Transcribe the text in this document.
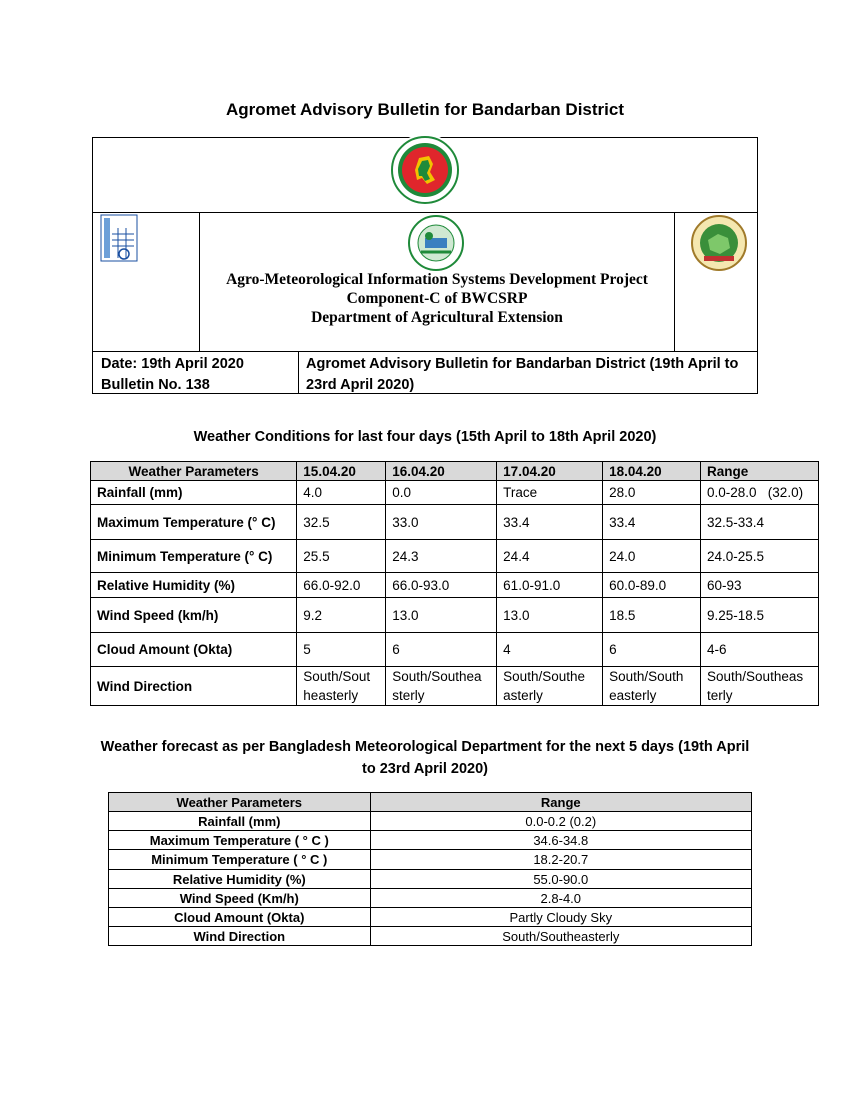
Agromet Advisory Bulletin for Bandarban District
Agro-Meteorological Information Systems Development Project
Component-C of BWCSRP
Department of Agricultural Extension
Date: 19th April 2020
Bulletin No. 138
Agromet Advisory Bulletin for Bandarban District (19th April to 23rd April 2020)
Weather Conditions for last four days (15th April to 18th April 2020)
Weather Parameters	15.04.20	16.04.20	17.04.20	18.04.20	Range
Rainfall (mm)	4.0	0.0	Trace	28.0	0.0-28.0   (32.0)
Maximum Temperature (° C)	32.5	33.0	33.4	33.4	32.5-33.4
Minimum Temperature (° C)	25.5	24.3	24.4	24.0	24.0-25.5
Relative Humidity (%)	66.0-92.0	66.0-93.0	61.0-91.0	60.0-89.0	60-93
Wind Speed (km/h)	9.2	13.0	13.0	18.5	9.25-18.5
Cloud Amount (Okta)	5	6	4	6	4-6
Wind Direction	South/Sout heasterly	South/Southea sterly	South/Southe asterly	South/South easterly	South/Southeas terly
Weather forecast as per Bangladesh Meteorological Department for the next 5 days (19th April to 23rd April 2020)
Weather Parameters	Range
Rainfall (mm)	0.0-0.2 (0.2)
Maximum Temperature ( ° C )	34.6-34.8
Minimum Temperature ( ° C )	18.2-20.7
Relative Humidity (%)	55.0-90.0
Wind Speed (Km/h)	2.8-4.0
Cloud Amount (Okta)	Partly Cloudy Sky
Wind Direction	South/Southeasterly
